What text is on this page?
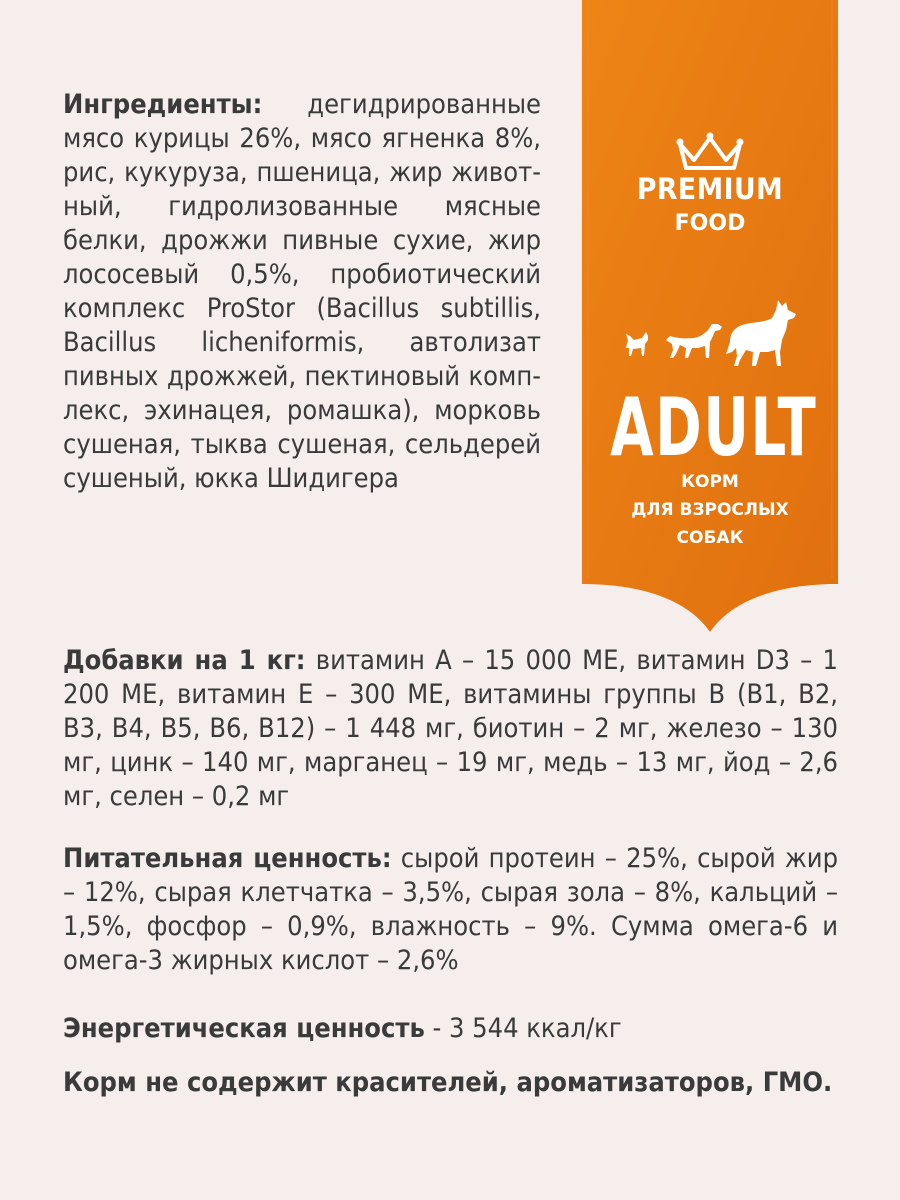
PREMIUM
FOOD
ADULT
КОРМ
ДЛЯ ВЗРОСЛЫХ
СОБАК

Ингредиенты: дегидрированные мясо курицы 26%, мясо ягненка 8%, рис, кукуруза, пшеница, жир живот-ный, гидролизованные мясные белки, дрожжи пивные сухие, жир лососевый 0,5%, пробиотический комплекс ProStor (Bacillus subtillis, Bacillus licheniformis, автолизат пивных дрожжей, пектиновый комп-лекс, эхинацея, ромашка), морковь сушеная, тыква сушеная, сельдерей сушеный, юкка Шидигера

Добавки на 1 кг: витамин А – 15 000 МЕ, витамин D3 – 1 200 МЕ, витамин Е – 300 МЕ, витамины группы В (В1, В2, В3, В4, В5, В6, В12) – 1 448 мг, биотин – 2 мг, железо – 130 мг, цинк – 140 мг, марганец – 19 мг, медь – 13 мг, йод – 2,6 мг, селен – 0,2 мг

Питательная ценность: сырой протеин – 25%, сырой жир – 12%, сырая клетчатка – 3,5%, сырая зола – 8%, кальций – 1,5%, фосфор – 0,9%, влажность – 9%. Сумма омега-6 и омега-3 жирных кислот – 2,6%

Энергетическая ценность - 3 544 ккал/кг

Корм не содержит красителей, ароматизаторов, ГМО.
